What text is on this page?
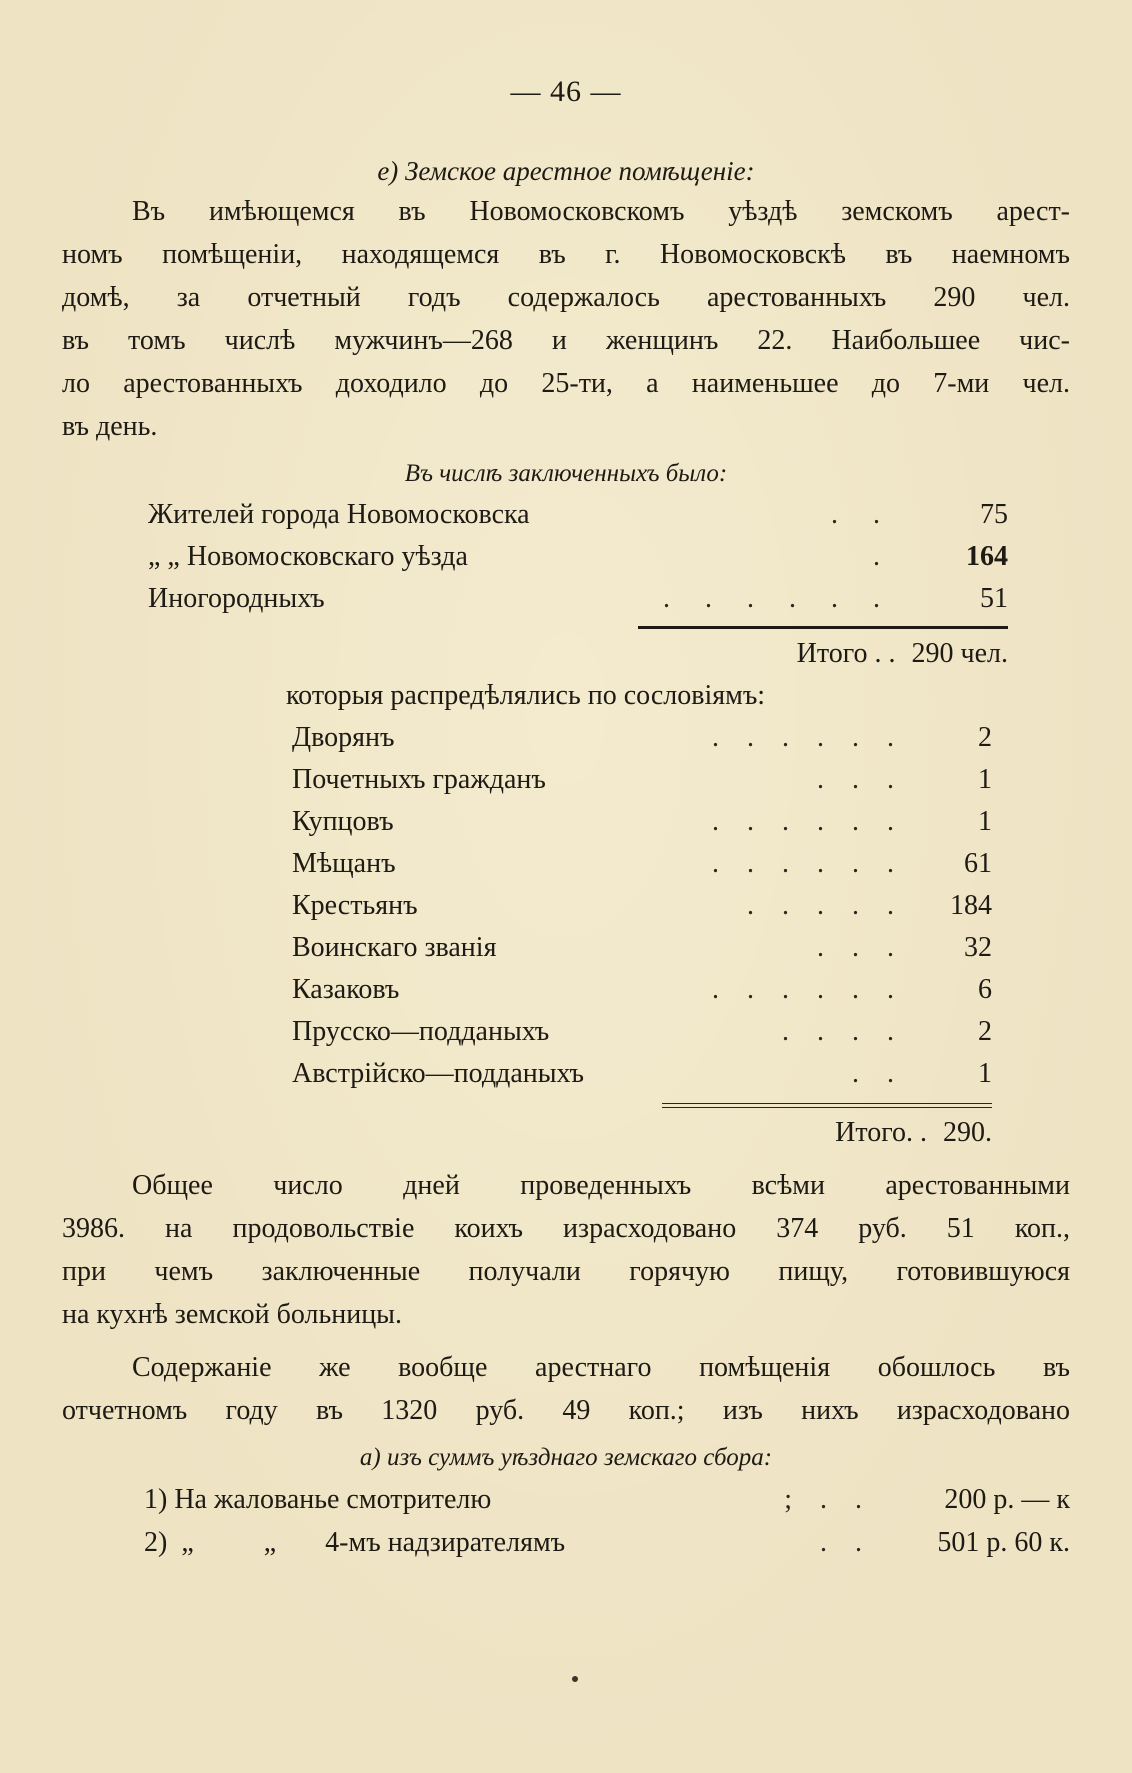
— 46 —
е) Земское арестное помѣщеніе:
Въ имѣющемся въ Новомосковскомъ уѣздѣ земскомъ арест-
номъ помѣщеніи, находящемся въ г. Новомосковскѣ въ наемномъ
домѣ, за отчетный годъ содержалось арестованныхъ 290 чел.
въ томъ числѣ мужчинъ—268 и женщинъ 22. Наибольшее чис-
ло арестованныхъ доходило до 25-ти, а наименьшее до 7-ми чел.
въ день.
Въ числѣ заключенныхъ было:
Жителей города Новомосковска	.     .	75
„ „ Новомосковскаго уѣзда	.	164
Иногородныхъ	.     .     .     .     .     .	51
Итого . . 290 чел.
которыя распредѣлялись по сословіямъ:
Дворянъ	.    .    .    .    .    .	2
Почетныхъ гражданъ	.    .    .	1
Купцовъ	.    .    .    .    .    .	1
Мѣщанъ	.    .    .    .    .    .	61
Крестьянъ	.    .    .    .    .	184
Воинскаго званія	.    .    .	32
Казаковъ	.    .    .    .    .    .	6
Прусско—подданыхъ	.    .    .    .	2
Австрійско—подданыхъ	.    .	1
Итого. . 290.
Общее число дней проведенныхъ всѣми арестованными
3986. на продовольствіе коихъ израсходовано 374 руб. 51 коп.,
при чемъ заключенные получали горячую пищу, готовившуюся
на кухнѣ земской больницы.
Содержаніе же вообще арестнаго помѣщенія обошлось въ
отчетномъ году въ 1320 руб. 49 коп.; изъ нихъ израсходовано
а) изъ суммъ уѣзднаго земскаго сбора:
1) На жалованье смотрителю	;    .    .	200 р. — к
2)  „          „       4-мъ надзирателямъ	.    .	501 р. 60 к.
